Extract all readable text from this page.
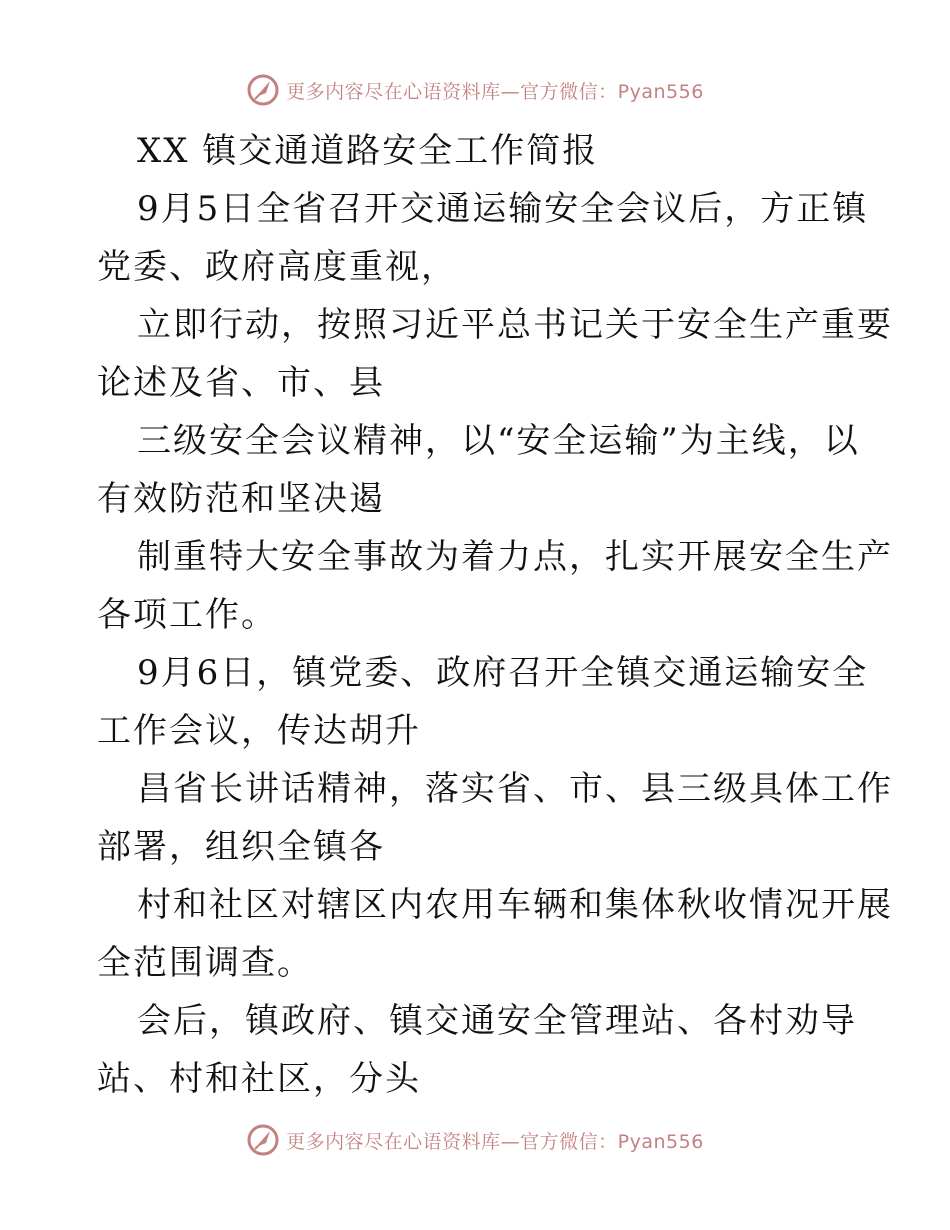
更多内容尽在心语资料库—官方微信：Pyan556
XX 镇交通道路安全工作简报
9月5日全省召开交通运输安全会议后，方正镇
党委、政府高度重视，
立即行动，按照习近平总书记关于安全生产重要
论述及省、市、县
三级安全会议精神，以“安全运输”为主线，以
有效防范和坚决遏
制重特大安全事故为着力点，扎实开展安全生产
各项工作。
9月6日，镇党委、政府召开全镇交通运输安全
工作会议，传达胡升
昌省长讲话精神，落实省、市、县三级具体工作
部署，组织全镇各
村和社区对辖区内农用车辆和集体秋收情况开展
全范围调查。
会后，镇政府、镇交通安全管理站、各村劝导
站、村和社区，分头
更多内容尽在心语资料库—官方微信：Pyan556
